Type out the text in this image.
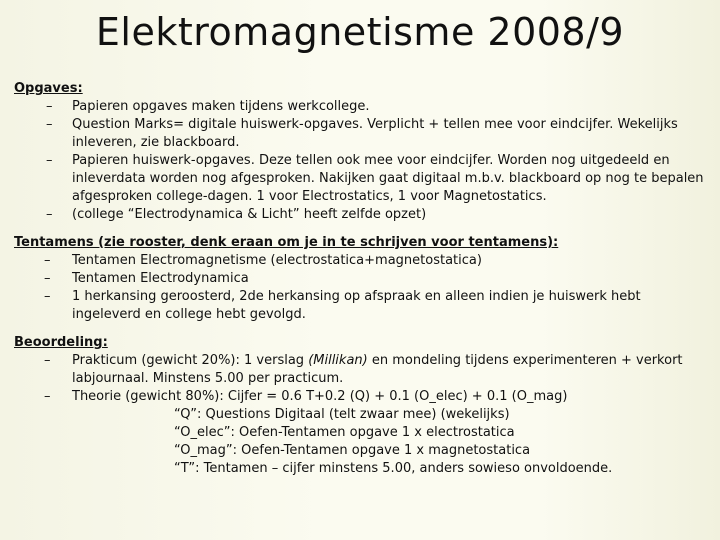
Elektromagnetisme 2008/9
Opgaves:
– Papieren opgaves maken tijdens werkcollege.
– Question Marks= digitale huiswerk-opgaves. Verplicht + tellen mee voor eindcijfer. Wekelijks inleveren, zie blackboard.
– Papieren huiswerk-opgaves. Deze tellen ook mee voor eindcijfer. Worden nog uitgedeeld en inleverdata worden nog afgesproken. Nakijken gaat digitaal m.b.v. blackboard op nog te bepalen afgesproken college-dagen. 1 voor Electrostatics, 1 voor Magnetostatics.
– (college “Electrodynamica & Licht” heeft zelfde opzet)
Tentamens (zie rooster, denk eraan om je in te schrijven voor tentamens):
– Tentamen Electromagnetisme (electrostatica+magnetostatica)
– Tentamen Electrodynamica
– 1 herkansing geroosterd, 2de herkansing op afspraak en alleen indien je huiswerk hebt ingeleverd en college hebt gevolgd.
Beoordeling:
– Prakticum (gewicht 20%): 1 verslag (Millikan) en mondeling tijdens experimenteren + verkort labjournaal. Minstens 5.00 per practicum.
– Theorie (gewicht 80%): Cijfer = 0.6 T+0.2 (Q) + 0.1 (O_elec) + 0.1 (O_mag)
“Q”: Questions Digitaal (telt zwaar mee) (wekelijks)
“O_elec”: Oefen-Tentamen opgave 1 x electrostatica
“O_mag”: Oefen-Tentamen opgave 1 x magnetostatica
“T”: Tentamen – cijfer minstens 5.00, anders sowieso onvoldoende.
